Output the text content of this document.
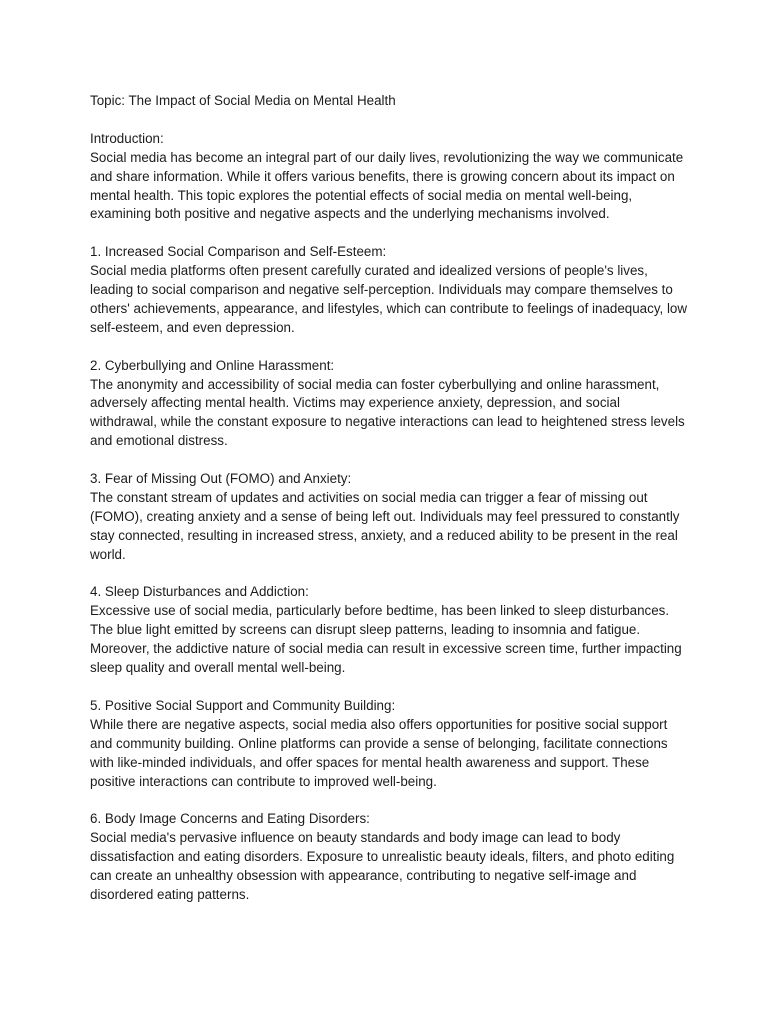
Topic: The Impact of Social Media on Mental Health

Introduction:

Social media has become an integral part of our daily lives, revolutionizing the way we communicate and share information. While it offers various benefits, there is growing concern about its impact on mental health. This topic explores the potential effects of social media on mental well-being, examining both positive and negative aspects and the underlying mechanisms involved.

1. Increased Social Comparison and Self-Esteem:

Social media platforms often present carefully curated and idealized versions of people's lives, leading to social comparison and negative self-perception. Individuals may compare themselves to others' achievements, appearance, and lifestyles, which can contribute to feelings of inadequacy, low self-esteem, and even depression.

2. Cyberbullying and Online Harassment:

The anonymity and accessibility of social media can foster cyberbullying and online harassment, adversely affecting mental health. Victims may experience anxiety, depression, and social withdrawal, while the constant exposure to negative interactions can lead to heightened stress levels and emotional distress.

3. Fear of Missing Out (FOMO) and Anxiety:

The constant stream of updates and activities on social media can trigger a fear of missing out (FOMO), creating anxiety and a sense of being left out. Individuals may feel pressured to constantly stay connected, resulting in increased stress, anxiety, and a reduced ability to be present in the real world.

4. Sleep Disturbances and Addiction:

Excessive use of social media, particularly before bedtime, has been linked to sleep disturbances. The blue light emitted by screens can disrupt sleep patterns, leading to insomnia and fatigue. Moreover, the addictive nature of social media can result in excessive screen time, further impacting sleep quality and overall mental well-being.

5. Positive Social Support and Community Building:

While there are negative aspects, social media also offers opportunities for positive social support and community building. Online platforms can provide a sense of belonging, facilitate connections with like-minded individuals, and offer spaces for mental health awareness and support. These positive interactions can contribute to improved well-being.

6. Body Image Concerns and Eating Disorders:

Social media's pervasive influence on beauty standards and body image can lead to body dissatisfaction and eating disorders. Exposure to unrealistic beauty ideals, filters, and photo editing can create an unhealthy obsession with appearance, contributing to negative self-image and disordered eating patterns.
